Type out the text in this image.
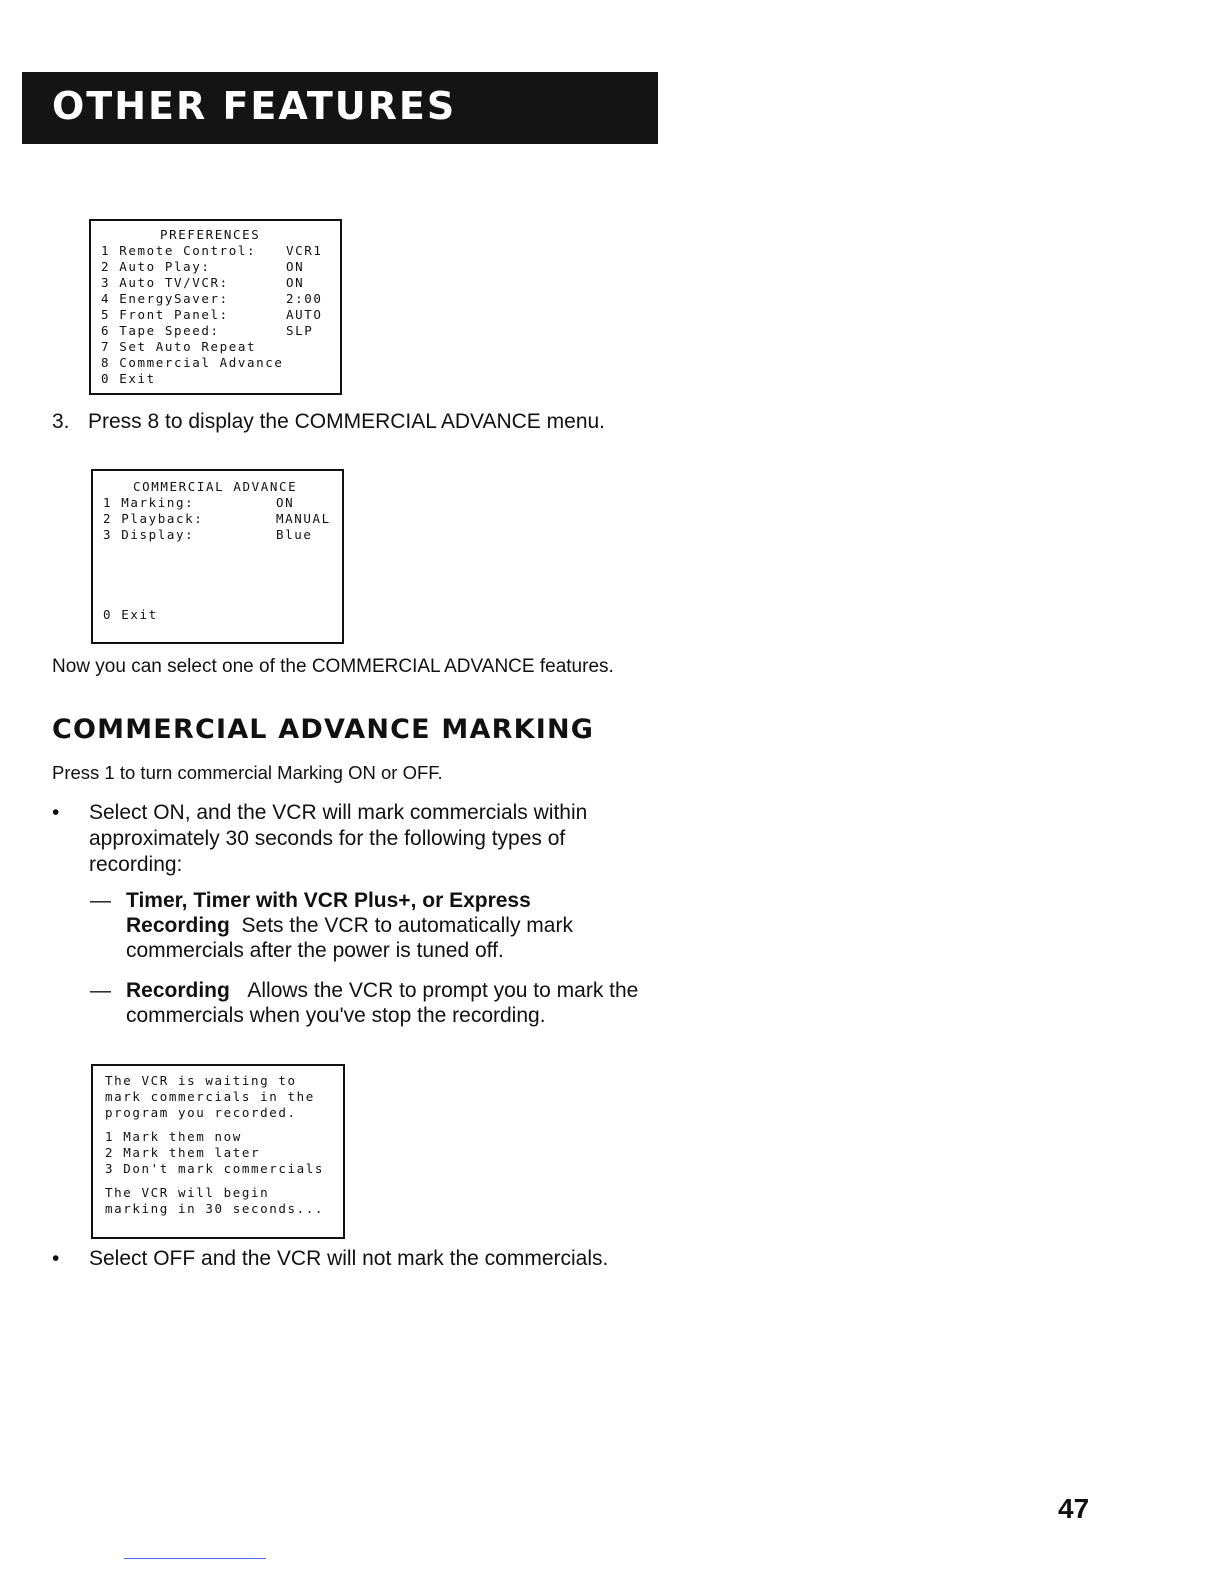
OTHER FEATURES
PREFERENCES
1 Remote Control: VCR1
2 Auto Play:	ON
3 Auto TV/VCR:	ON
4 EnergySaver:	2:00
5 Front Panel:	AUTO
6 Tape Speed:	SLP
7 Set Auto Repeat
8 Commercial Advance
0 Exit
3. Press 8 to display the COMMERCIAL ADVANCE menu.
COMMERCIAL ADVANCE
1 Marking:	ON
2 Playback:	MANUAL
3 Display:	Blue
0 Exit
Now you can select one of the COMMERCIAL ADVANCE features.
COMMERCIAL ADVANCE MARKING
Press 1 to turn commercial Marking ON or OFF.
• Select ON, and the VCR will mark commercials within approximately 30 seconds for the following types of recording:
— Timer, Timer with VCR Plus+, or Express Recording Sets the VCR to automatically mark commercials after the power is tuned off.
— Recording Allows the VCR to prompt you to mark the commercials when you've stop the recording.
The VCR is waiting to
mark commercials in the
program you recorded.
1 Mark them now
2 Mark them later
3 Don't mark commercials
The VCR will begin
marking in 30 seconds...
• Select OFF and the VCR will not mark the commercials.
47
